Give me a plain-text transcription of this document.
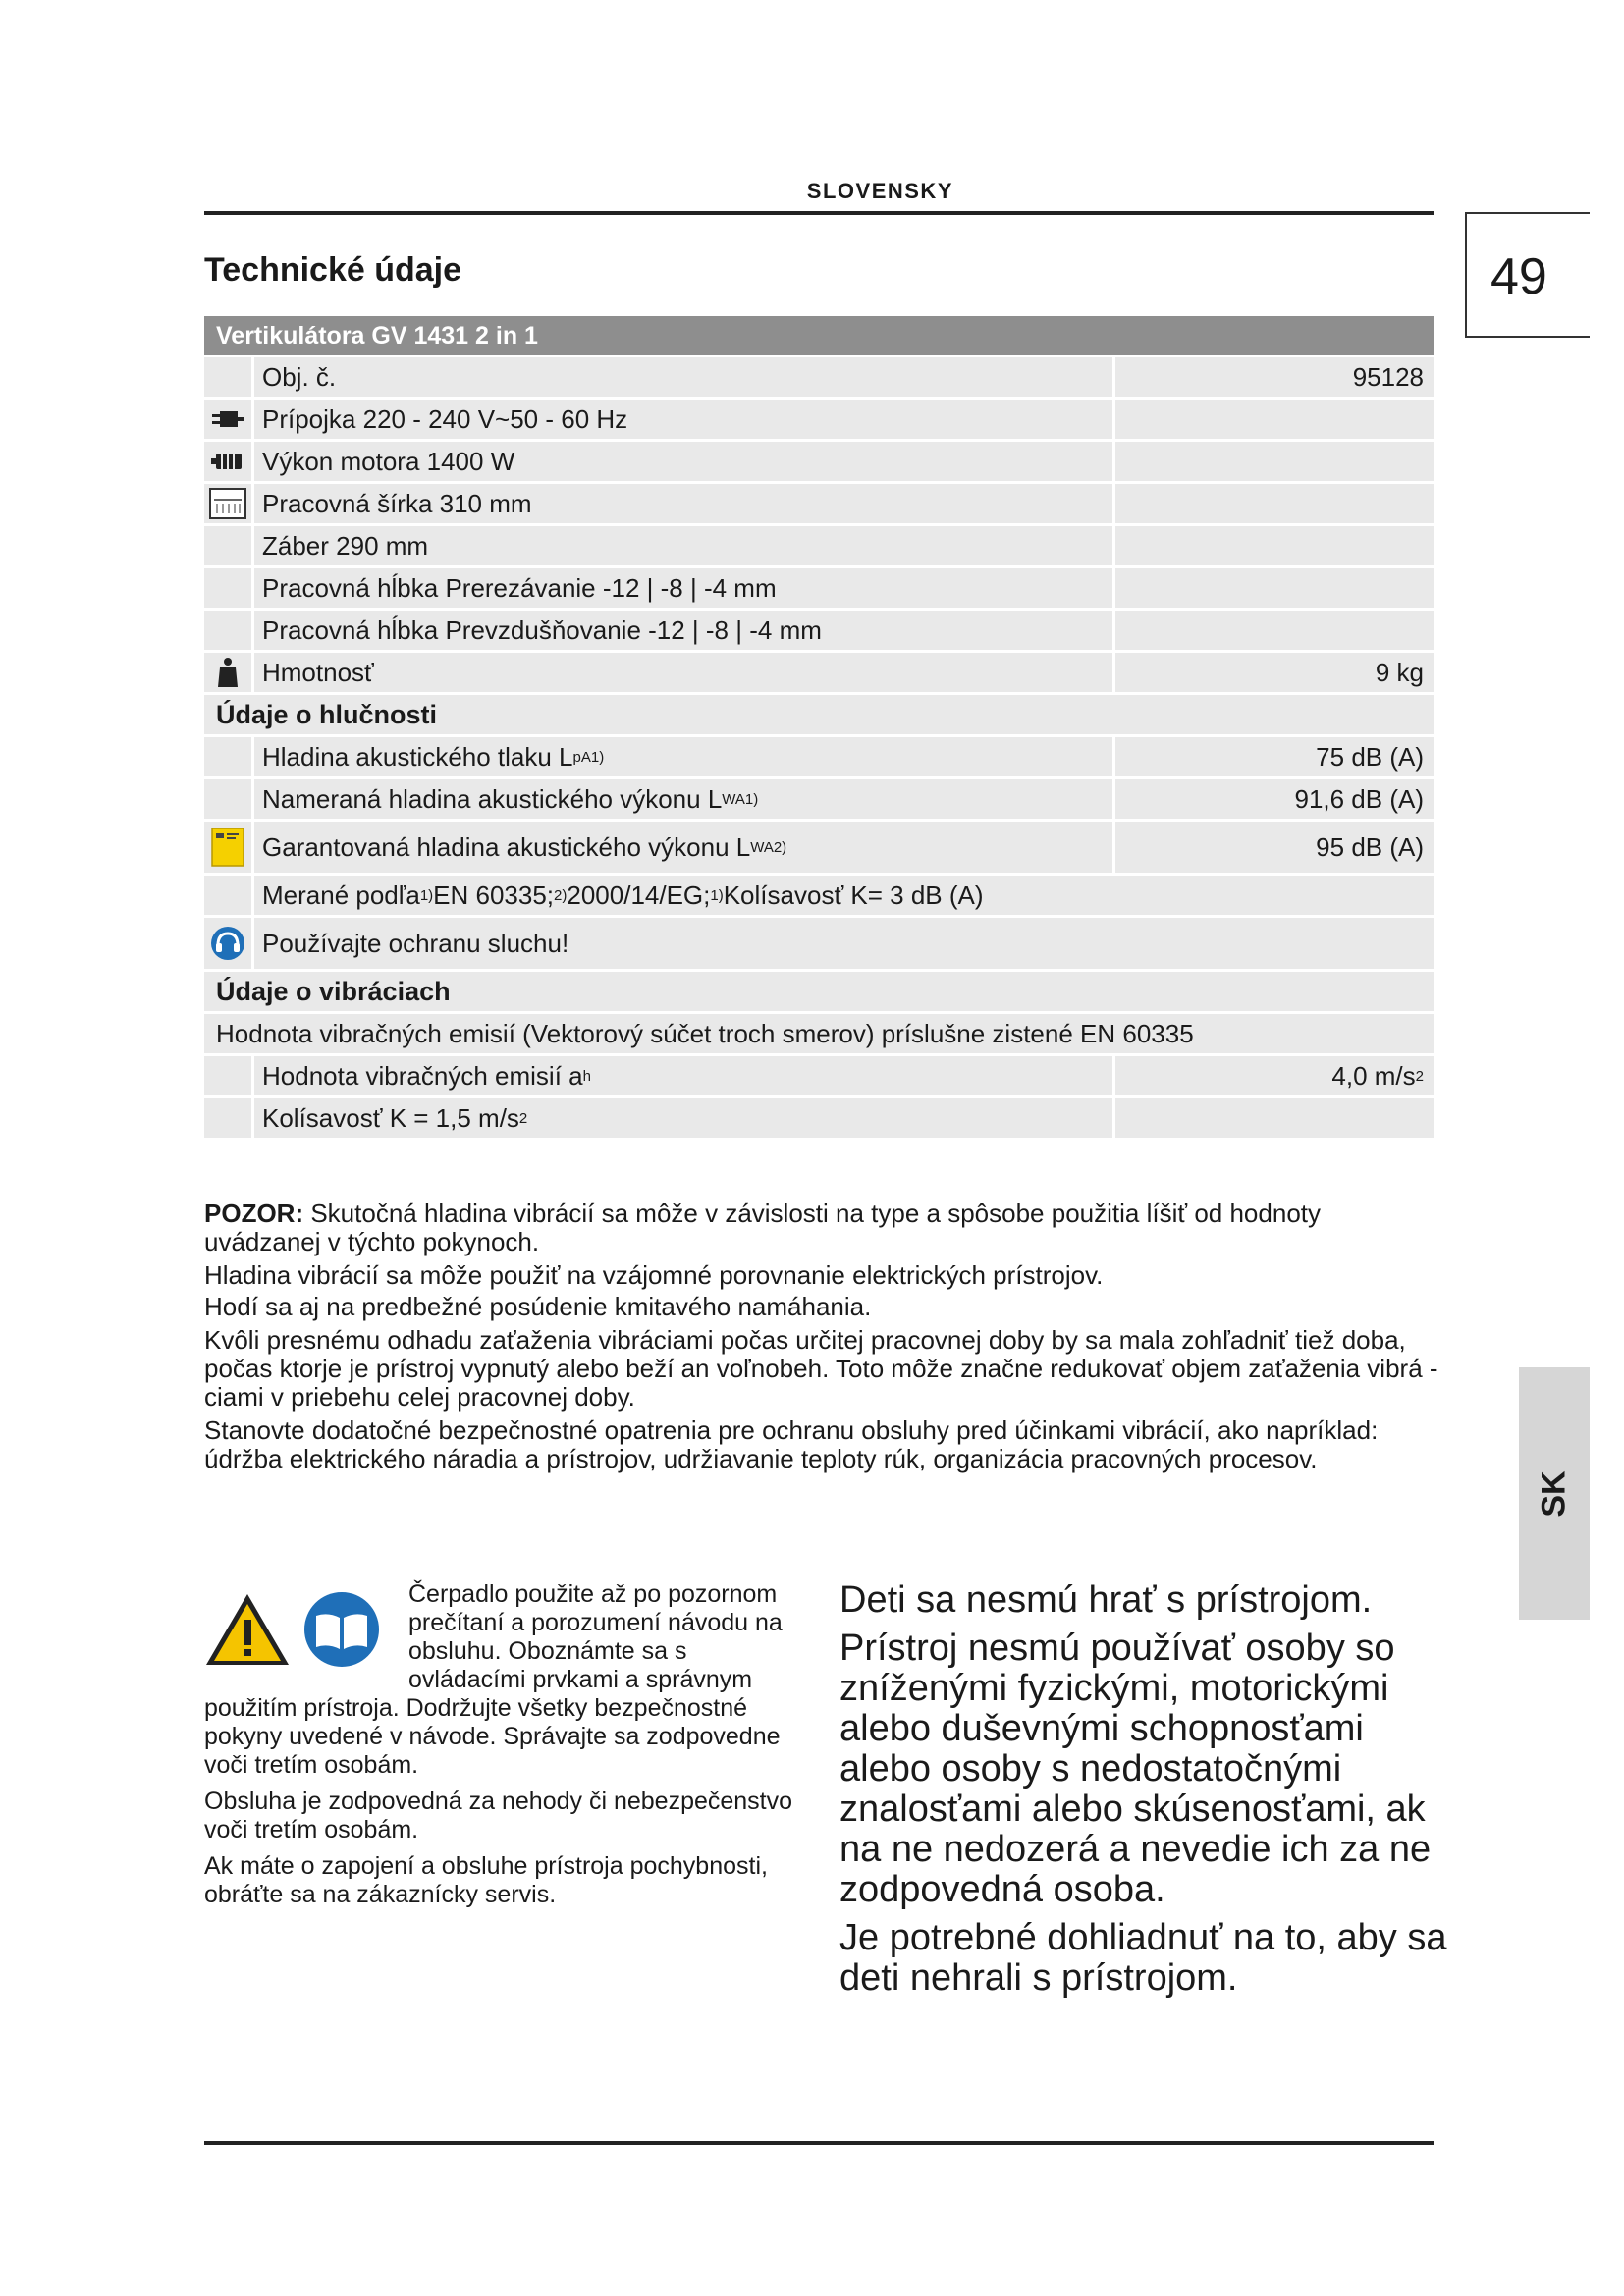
SLOVENSKY
49
Technické údaje
Vertikulátora GV 1431 2 in 1
Obj. č.	95128
Prípojka 220 - 240 V~50 - 60 Hz
Výkon motora 1400 W
Pracovná šírka 310 mm
Záber 290 mm
Pracovná hĺbka Prerezávanie -12 | -8 | -4 mm
Pracovná hĺbka Prevzdušňovanie -12 | -8 | -4 mm
Hmotnosť	9 kg
Údaje o hlučnosti
Hladina akustického tlaku L pA 1)	75 dB (A)
Nameraná hladina akustického výkonu L WA 1)	91,6 dB (A)
Garantovaná hladina akustického výkonu L WA 2)	95 dB (A)
Merané podľa 1) EN 60335; 2) 2000/14/EG; 1) Kolísavosť K= 3 dB (A)
Používajte ochranu sluchu!
Údaje o vibráciach
Hodnota vibračných emisií (Vektorový súčet troch smerov) príslušne zistené EN 60335
Hodnota vibračných emisií a h	4,0 m/s 2
Kolísavosť K = 1,5 m/s 2

POZOR: Skutočná hladina vibrácií sa môže v závislosti na type a spôsobe použitia líšiť od hodnoty uvádzanej v týchto pokynoch.

Hladina vibrácií sa môže použiť na vzájomné porovnanie elektrických prístrojov.

Hodí sa aj na predbežné posúdenie kmitavého namáhania.

Kvôli presnému odhadu zaťaženia vibráciami počas určitej pracovnej doby by sa mala zohľadniť tiež doba, počas ktorje je prístroj vypnutý alebo beží an voľnobeh. Toto môže značne redukovať objem zaťaženia vibrá - ciami v priebehu celej pracovnej doby.

Stanovte dodatočné bezpečnostné opatrenia pre ochranu obsluhy pred účinkami vibrácií, ako napríklad: údržba elektrického náradia a prístrojov, udržiavanie teploty rúk, organizácia pracovných procesov.

SK

Čerpadlo použite až po pozornom prečítaní a porozumení návodu na obsluhu. Oboznámte sa s ovládacími prvkami a správnym použitím prístroja. Dodržujte všetky bezpečnostné pokyny uvedené v návode. Správajte sa zodpovedne voči tretím osobám.

Obsluha je zodpovedná za nehody či nebezpečenstvo voči tretím osobám.

Ak máte o zapojení a obsluhe prístroja pochybnosti, obráťte sa na zákaznícky servis.

Deti sa nesmú hrať s prístrojom.

Prístroj nesmú používať osoby so zníženými fyzickými, motorickými alebo duševnými schopnosťami alebo osoby s nedostatočnými znalosťami alebo skúsenosťami, ak na ne nedozerá a nevedie ich za ne zodpovedná osoba.

Je potrebné dohliadnuť na to, aby sa deti nehrali s prístrojom.
